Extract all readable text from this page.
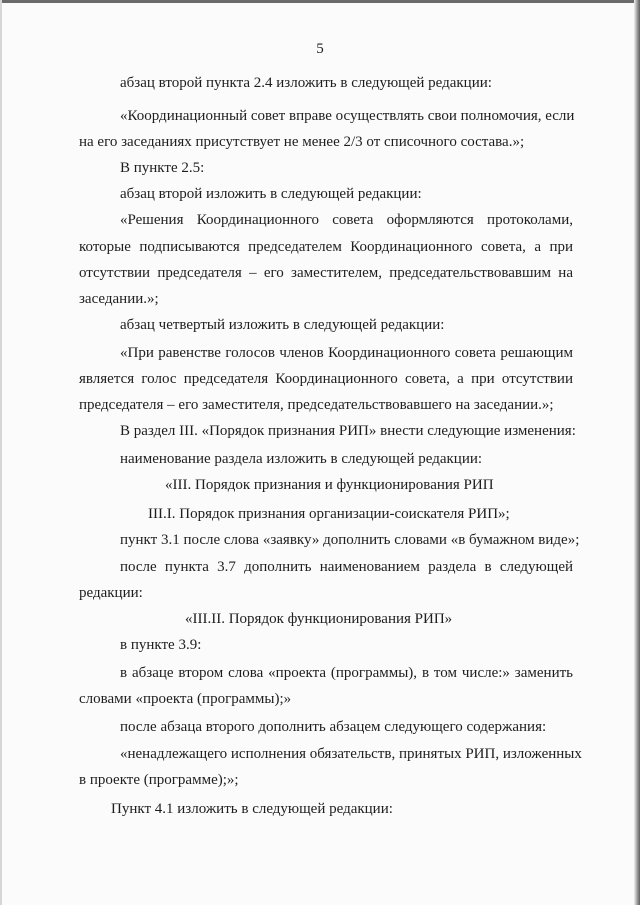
5
абзац второй пункта 2.4 изложить в следующей редакции:
«Координационный совет вправе осуществлять свои полномочия, если
на его заседаниях присутствует не менее 2/3 от списочного состава.»;
В пункте 2.5:
абзац второй изложить в следующей редакции:
«Решения Координационного совета оформляются протоколами,
которые подписываются председателем Координационного совета, а при
отсутствии председателя – его заместителем, председательствовавшим на
заседании.»;
абзац четвертый изложить в следующей редакции:
«При равенстве голосов членов Координационного совета решающим
является голос председателя Координационного совета, а при отсутствии
председателя – его заместителя, председательствовавшего на заседании.»;
В раздел III. «Порядок признания РИП» внести следующие изменения:
наименование раздела изложить в следующей редакции:
«III. Порядок признания и функционирования РИП
III.I. Порядок признания организации-соискателя РИП»;
пункт 3.1 после слова «заявку» дополнить словами «в бумажном виде»;
после пункта 3.7 дополнить наименованием раздела в следующей
редакции:
«III.II. Порядок функционирования РИП»
в пункте 3.9:
в абзаце втором слова «проекта (программы), в том числе:» заменить
словами «проекта (программы);»
после абзаца второго дополнить абзацем следующего содержания:
«ненадлежащего исполнения обязательств, принятых РИП, изложенных
в проекте (программе);»;
Пункт 4.1 изложить в следующей редакции:
